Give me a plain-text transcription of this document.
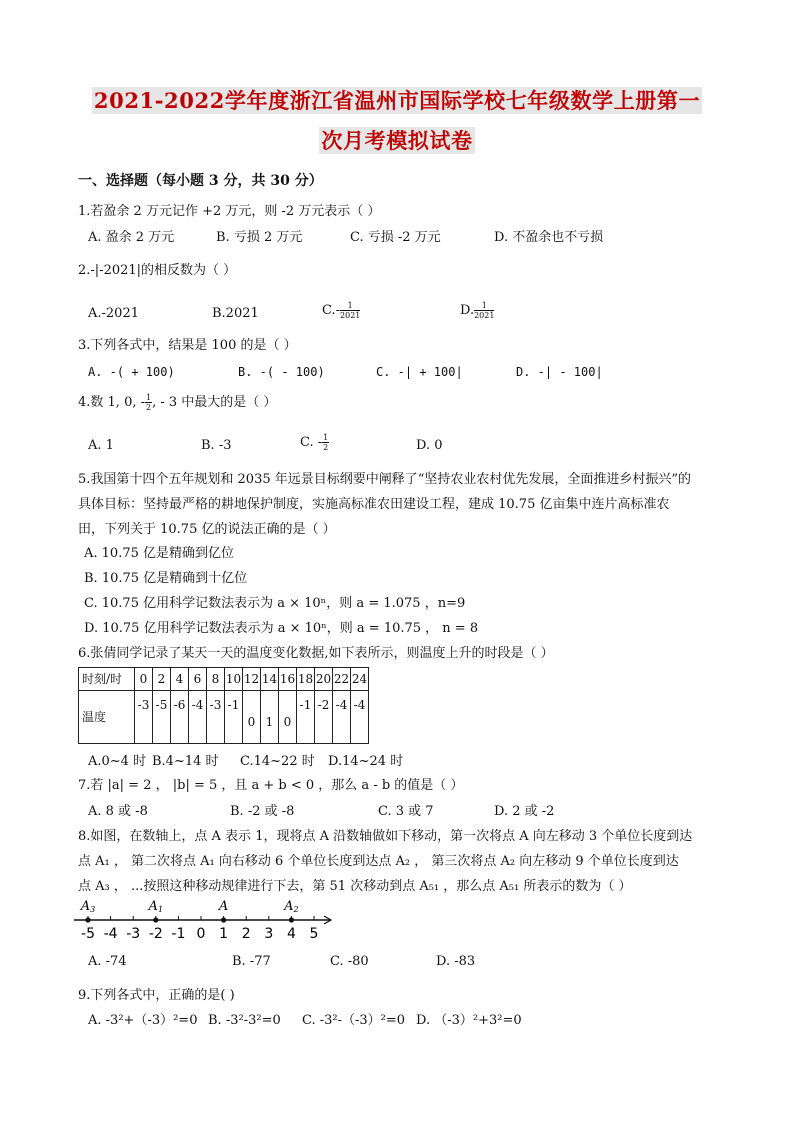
2021-2022学年度浙江省温州市国际学校七年级数学上册第一
次月考模拟试卷
一、选择题（每小题 3 分，共 30 分）
1.若盈余 2 万元记作 +2 万元，则 -2 万元表示（ ）
A. 盈余 2 万元	B. 亏损 2 万元	C. 亏损 -2 万元	D. 不盈余也不亏损
2.-|-2021|的相反数为（ ）
A.-2021	B.2021	$C.- \frac{1}{2021}$	D. $\frac{1}{2021}$
3.下列各式中，结果是 100 的是（ ）
A. -( + 100)	B. -( - 100)	C. -| + 100|	D. -| - 100|
4.数 1, 0, - $\frac{1}{2}$ , - 3 中最大的是（ ）
A. 1	B. -3	C. - $\frac{1}{2}$	D. 0
5.我国第十四个五年规划和 2035 年远景目标纲要中阐释了“坚持农业农村优先发展，全面推进乡村振兴”的
具体目标：坚持最严格的耕地保护制度，实施高标准农田建设工程，建成 10.75 亿亩集中连片高标准农
田，下列关于 10.75 亿的说法正确的是（ ）
A. 10.75 亿是精确到亿位
B. 10.75 亿是精确到十亿位
C. 10.75 亿用科学记数法表示为 a × 10ⁿ，则 a = 1.075 ，n=9
D. 10.75 亿用科学记数法表示为 a × 10ⁿ，则 a = 10.75 ， n = 8
6.张倩同学记录了某天一天的温度变化数据,如下表所示，则温度上升的时段是（ ）
时刻/时	0	2	4	6	8	10	12	14	16	18	20	22	24
温度	-3	-5	-6	-4	-3	-1	0	1	0	-1	-2	-4	-4
A.0~4 时 B.4~14 时 C.14~22 时 D.14~24 时
7.若 |a| = 2 ， |b| = 5 ，且 a + b < 0 ，那么 a - b 的值是（ ）
A. 8 或 -8	B. -2 或 -8	C. 3 或 7	D. 2 或 -2
8.如图，在数轴上，点 A 表示 1，现将点 A 沿数轴做如下移动，第一次将点 A 向左移动 3 个单位长度到达
点 A₁ ， 第二次将点 A₁ 向右移动 6 个单位长度到达点 A₂ ， 第三次将点 A₂ 向左移动 9 个单位长度到达
点 A₃ ， ...按照这种移动规律进行下去，第 51 次移动到点 A₅₁ ，那么点 A₅₁ 所表示的数为（ ）
-5 -4 -3 -2 -1 0 1 2 3 4 5
A3	A1	A	A2
A. -74	B. -77	C. -80	D. -83
9.下列各式中，正确的是( )
A. -3²+（-3）²=0 B. -3²-3²=0 C. -3²-（-3）²=0 D. （-3）²+3²=0
